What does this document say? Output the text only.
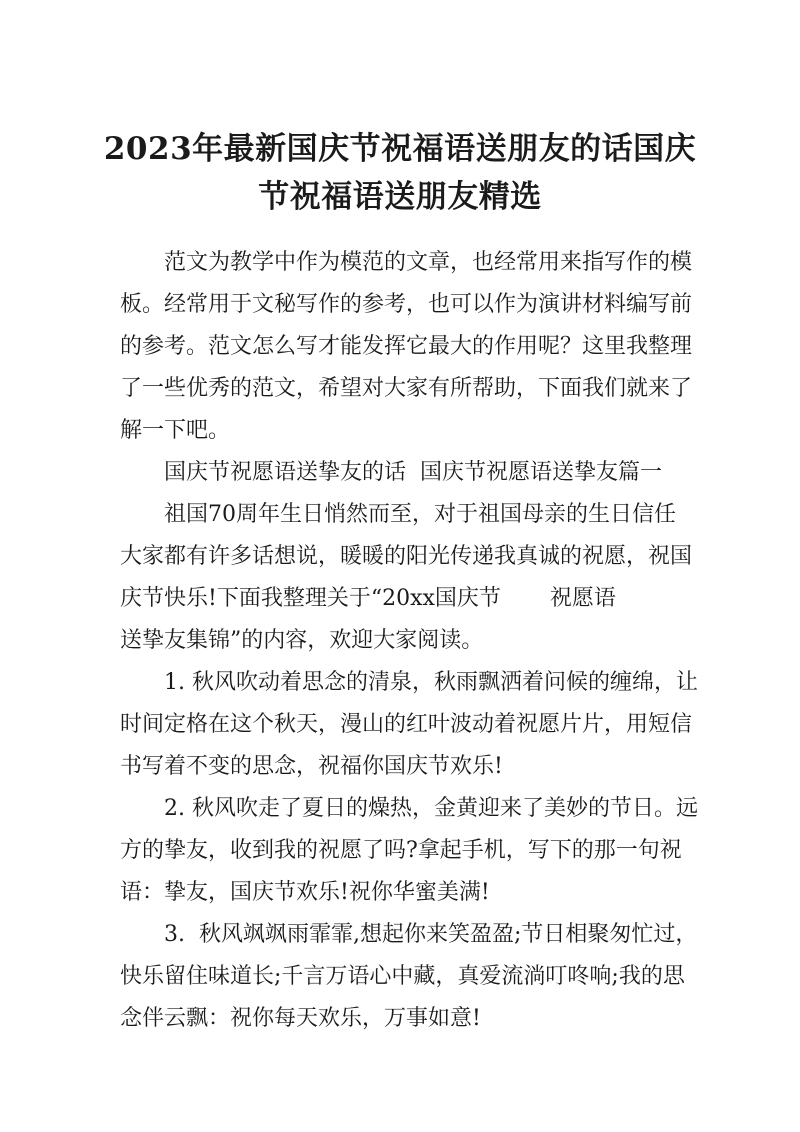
2023年最新国庆节祝福语送朋友的话国庆
节祝福语送朋友精选
范文为教学中作为模范的文章，也经常用来指写作的模
板。经常用于文秘写作的参考，也可以作为演讲材料编写前
的参考。范文怎么写才能发挥它最大的作用呢？这里我整理
了一些优秀的范文，希望对大家有所帮助，下面我们就来了
解一下吧。
国庆节祝愿语送挚友的话  国庆节祝愿语送挚友篇一
祖国70周年生日悄然而至，对于祖国母亲的生日信任
大家都有许多话想说，暖暖的阳光传递我真诚的祝愿，祝国
庆节快乐!下面我整理关于“20xx国庆节       祝愿语
送挚友集锦”的内容，欢迎大家阅读。
1. 秋风吹动着思念的清泉，秋雨飘洒着问候的缠绵，让
时间定格在这个秋天，漫山的红叶波动着祝愿片片，用短信
书写着不变的思念，祝福你国庆节欢乐!
2. 秋风吹走了夏日的燥热，金黄迎来了美妙的节日。远
方的挚友，收到我的祝愿了吗?拿起手机，写下的那一句祝
语：挚友，国庆节欢乐!祝你华蜜美满!
3.  秋风飒飒雨霏霏,想起你来笑盈盈;节日相聚匆忙过，
快乐留住味道长;千言万语心中藏，真爱流淌叮咚响;我的思
念伴云飘：祝你每天欢乐，万事如意!
